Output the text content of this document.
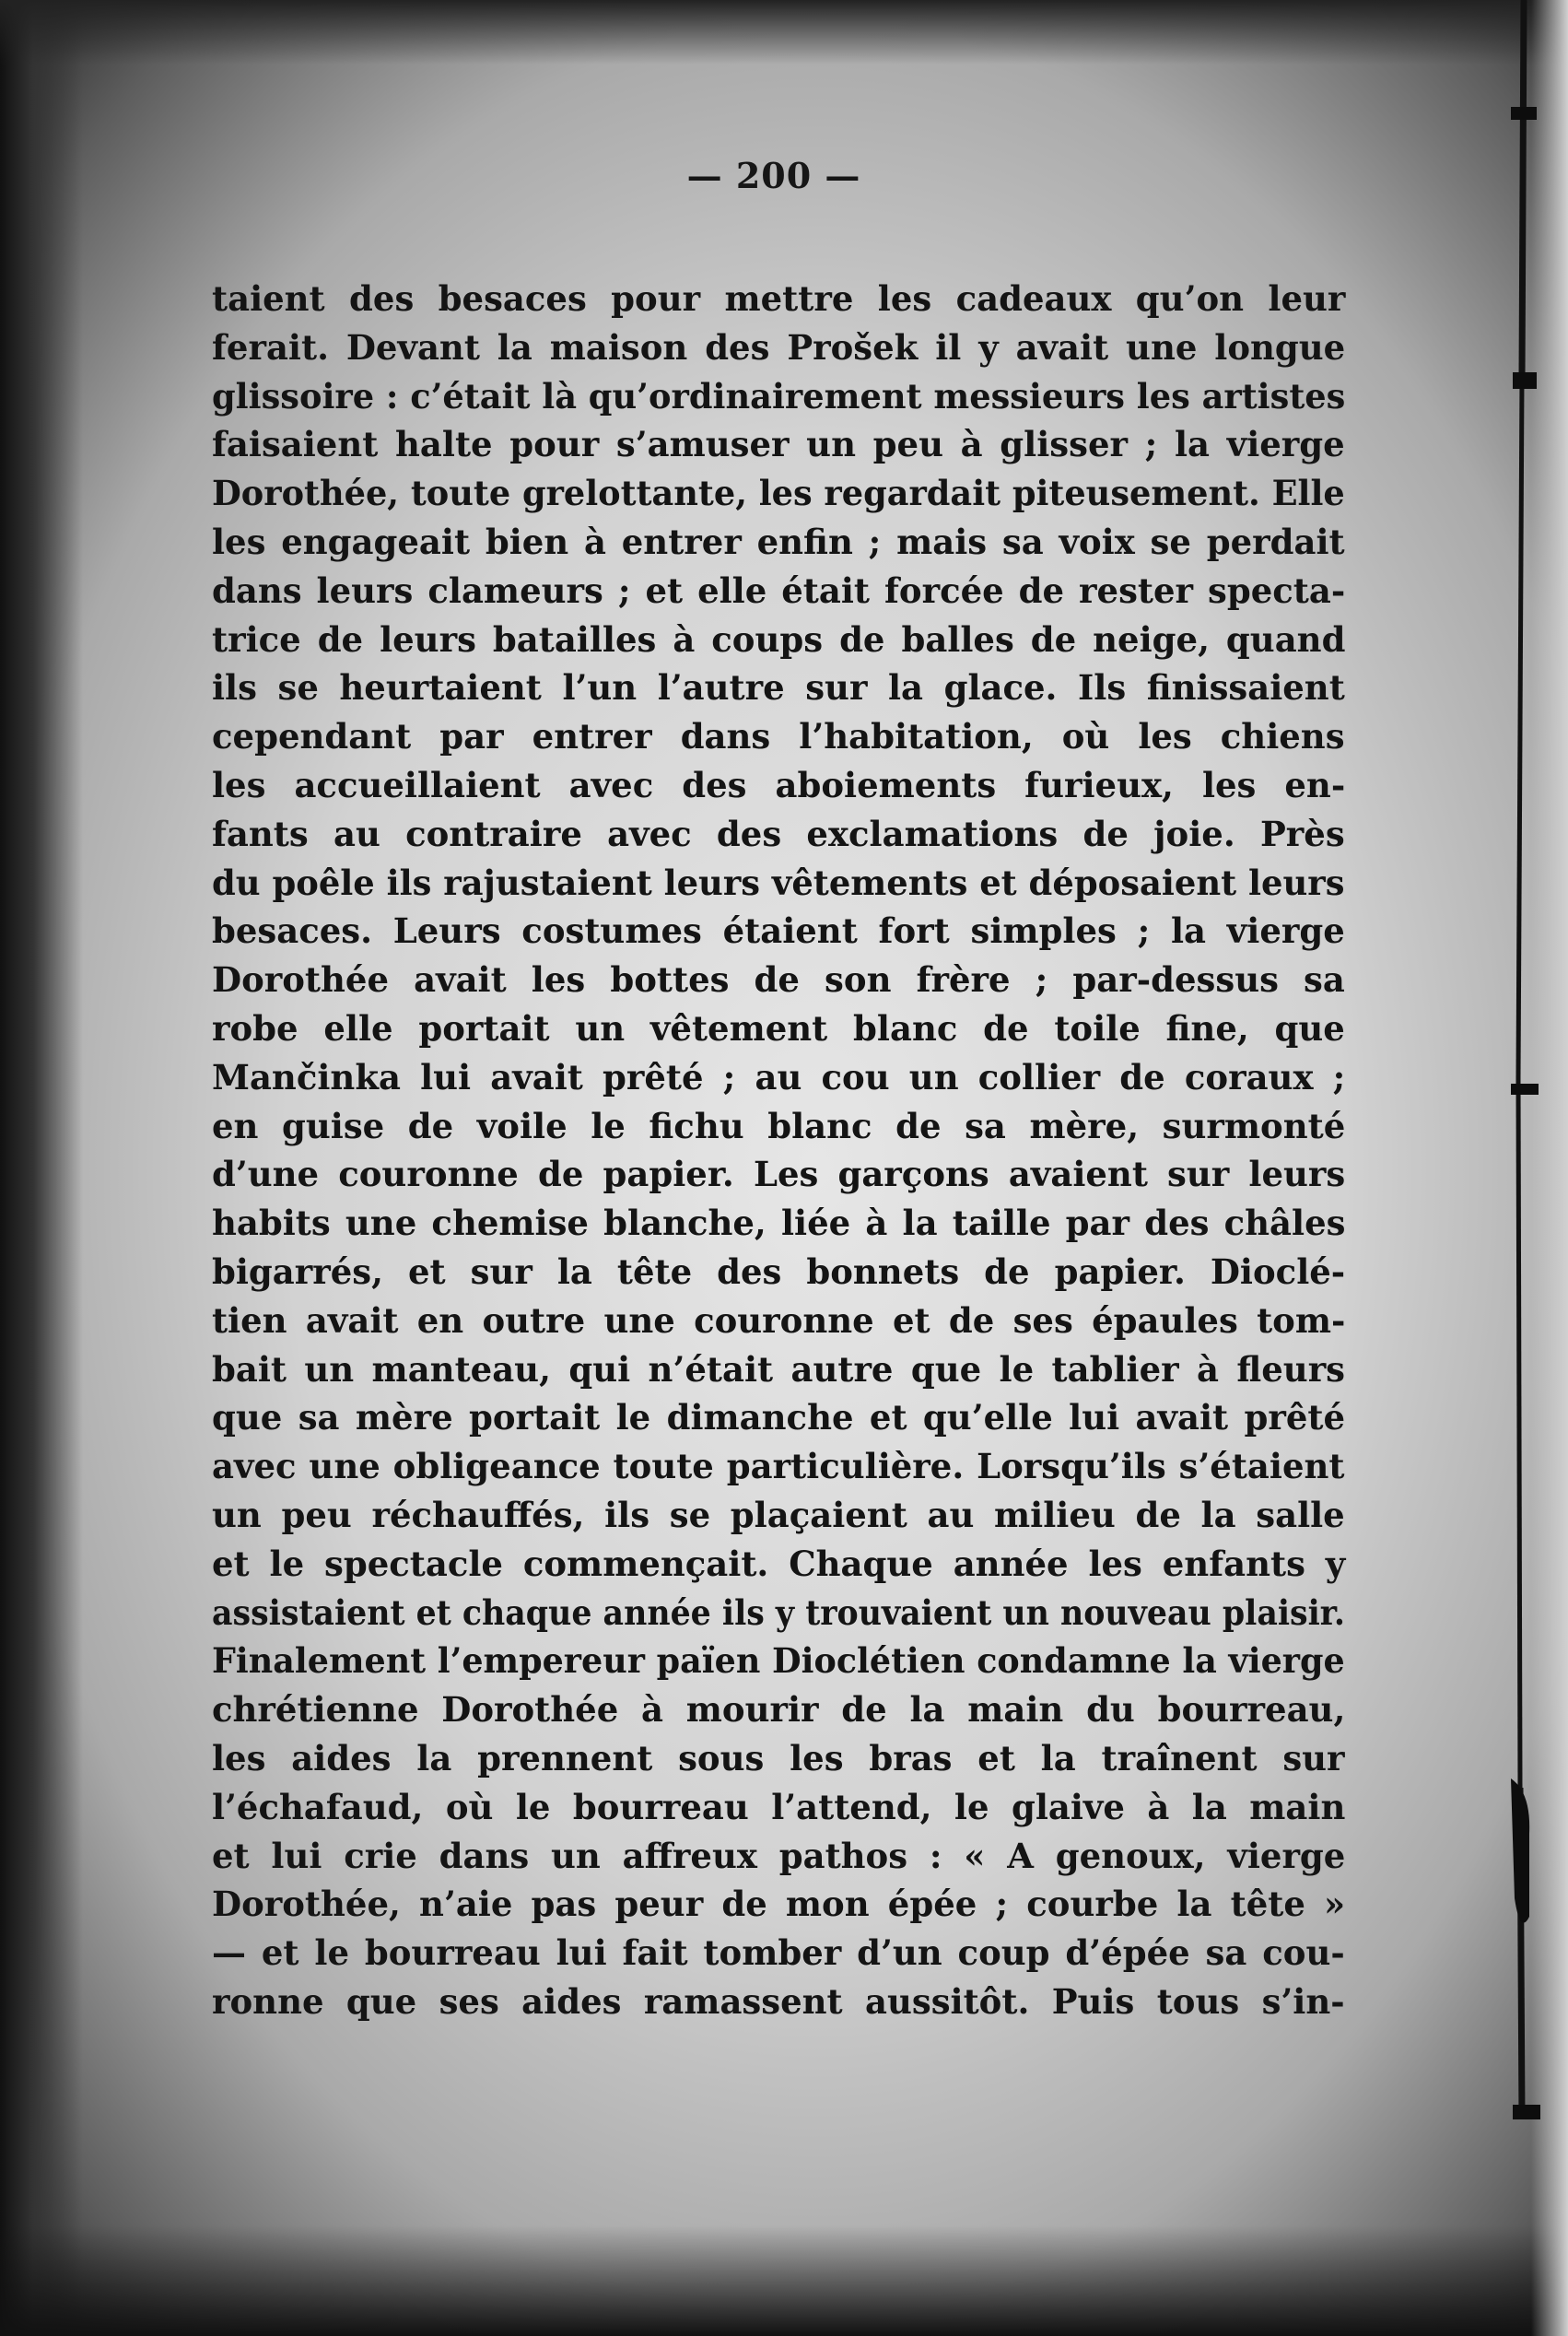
— 200 —
taient des besaces pour mettre les cadeaux qu’on leur
ferait. Devant la maison des Prošek il y avait une longue
glissoire : c’était là qu’ordinairement messieurs les artistes
faisaient halte pour s’amuser un peu à glisser ; la vierge
Dorothée, toute grelottante, les regardait piteusement. Elle
les engageait bien à entrer enfin ; mais sa voix se perdait
dans leurs clameurs ; et elle était forcée de rester specta-
trice de leurs batailles à coups de balles de neige, quand
ils se heurtaient l’un l’autre sur la glace. Ils finissaient
cependant par entrer dans l’habitation, où les chiens
les accueillaient avec des aboiements furieux, les en-
fants au contraire avec des exclamations de joie. Près
du poêle ils rajustaient leurs vêtements et déposaient leurs
besaces. Leurs costumes étaient fort simples ; la vierge
Dorothée avait les bottes de son frère ; par-dessus sa
robe elle portait un vêtement blanc de toile fine, que
Mančinka lui avait prêté ; au cou un collier de coraux ;
en guise de voile le fichu blanc de sa mère, surmonté
d’une couronne de papier. Les garçons avaient sur leurs
habits une chemise blanche, liée à la taille par des châles
bigarrés, et sur la tête des bonnets de papier. Dioclé-
tien avait en outre une couronne et de ses épaules tom-
bait un manteau, qui n’était autre que le tablier à fleurs
que sa mère portait le dimanche et qu’elle lui avait prêté
avec une obligeance toute particulière. Lorsqu’ils s’étaient
un peu réchauffés, ils se plaçaient au milieu de la salle
et le spectacle commençait. Chaque année les enfants y
assistaient et chaque année ils y trouvaient un nouveau plaisir.
Finalement l’empereur païen Dioclétien condamne la vierge
chrétienne Dorothée à mourir de la main du bourreau,
les aides la prennent sous les bras et la traînent sur
l’échafaud, où le bourreau l’attend, le glaive à la main
et lui crie dans un affreux pathos : « A genoux, vierge
Dorothée, n’aie pas peur de mon épée ; courbe la tête »
— et le bourreau lui fait tomber d’un coup d’épée sa cou-
ronne que ses aides ramassent aussitôt. Puis tous s’in-
